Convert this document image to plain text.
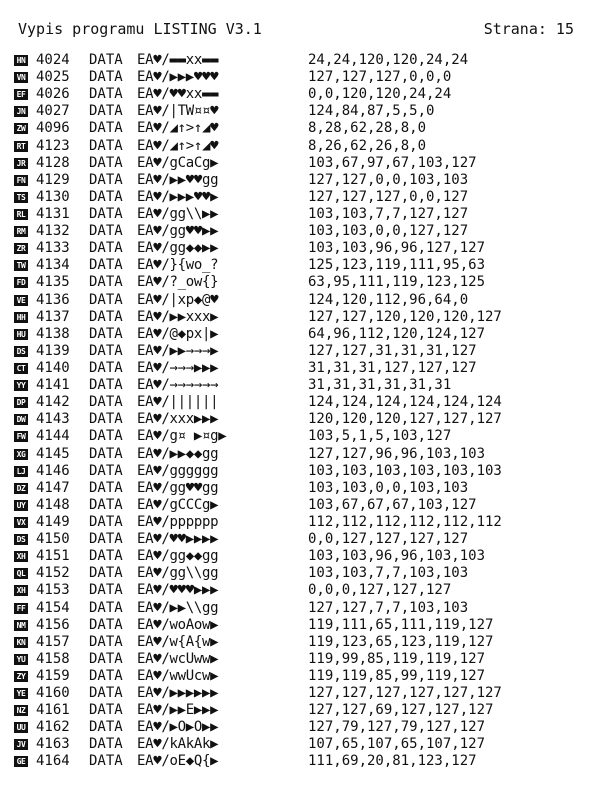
Vypis programu LISTING V3.1

	Strana: 15

HN 4024 DATA ЕА♥/▬▬xx▬▬	24,24,120,120,24,24
VN 4025 DATA ЕА♥/▶▶▶♥♥♥	127,127,127,0,0,0
EF 4026 DATA ЕА♥/♥♥xx▬▬	0,0,120,120,24,24
JN 4027 DATA ЕА♥/|TW¤¤♥	124,84,87,5,5,0
ZW 4096 DATA ЕА♥/◢↑>↑◢♥	8,28,62,28,8,0
RT 4123 DATA ЕА♥/◢↑>↑◢♥	8,26,62,26,8,0
JR 4128 DATA ЕА♥/gCaCg▶	103,67,97,67,103,127
FN 4129 DATA ЕА♥/▶▶♥♥gg	127,127,0,0,103,103
TS 4130 DATA ЕА♥/▶▶▶♥♥▶	127,127,127,0,0,127
RL 4131 DATA ЕА♥/gg\\▶▶	103,103,7,7,127,127
RM 4132 DATA ЕА♥/gg♥♥▶▶	103,103,0,0,127,127
ZR 4133 DATA ЕА♥/gg◆◆▶▶	103,103,96,96,127,127
TW 4134 DATA ЕА♥/}{wo_?	125,123,119,111,95,63
FD 4135 DATA ЕА♥/?_ow{}	63,95,111,119,123,125
VE 4136 DATA ЕА♥/|xp◆@♥	124,120,112,96,64,0
HH 4137 DATA ЕА♥/▶▶xxx▶	127,127,120,120,120,127
HU 4138 DATA ЕА♥/@◆px|▶	64,96,112,120,124,127
DS 4139 DATA ЕА♥/▶▶→→→▶	127,127,31,31,31,127
CT 4140 DATA ЕА♥/→→→▶▶▶	31,31,31,127,127,127
YY 4141 DATA ЕА♥/→→→→→→	31,31,31,31,31,31
DP 4142 DATA ЕА♥/||||||	124,124,124,124,124,124
DW 4143 DATA ЕА♥/xxx▶▶▶	120,120,120,127,127,127
FW 4144 DATA ЕА♥/g¤ ▶¤g▶	103,5,1,5,103,127
XG 4145 DATA ЕА♥/▶▶◆◆gg	127,127,96,96,103,103
LJ 4146 DATA ЕА♥/gggggg	103,103,103,103,103,103
DZ 4147 DATA ЕА♥/gg♥♥gg	103,103,0,0,103,103
UY 4148 DATA ЕА♥/gCCCg▶	103,67,67,67,103,127
VX 4149 DATA ЕА♥/pppppp	112,112,112,112,112,112
DS 4150 DATA ЕА♥/♥♥▶▶▶▶	0,0,127,127,127,127
XH 4151 DATA ЕА♥/gg◆◆gg	103,103,96,96,103,103
QL 4152 DATA ЕА♥/gg\\gg	103,103,7,7,103,103
XH 4153 DATA ЕА♥/♥♥♥▶▶▶	0,0,0,127,127,127
FF 4154 DATA ЕА♥/▶▶\\gg	127,127,7,7,103,103
NM 4156 DATA ЕА♥/woAow▶	119,111,65,111,119,127
KN 4157 DATA ЕА♥/w{A{w▶	119,123,65,123,119,127
YU 4158 DATA ЕА♥/wcUww▶	119,99,85,119,119,127
ZY 4159 DATA ЕА♥/wwUcw▶	119,119,85,99,119,127
YE 4160 DATA ЕА♥/▶▶▶▶▶▶	127,127,127,127,127,127
NZ 4161 DATA ЕА♥/▶▶E▶▶▶	127,127,69,127,127,127
UU 4162 DATA ЕА♥/▶O▶O▶▶	127,79,127,79,127,127
JV 4163 DATA ЕА♥/kAkAk▶	107,65,107,65,107,127
GE 4164 DATA ЕА♥/oE◆Q{▶	111,69,20,81,123,127
